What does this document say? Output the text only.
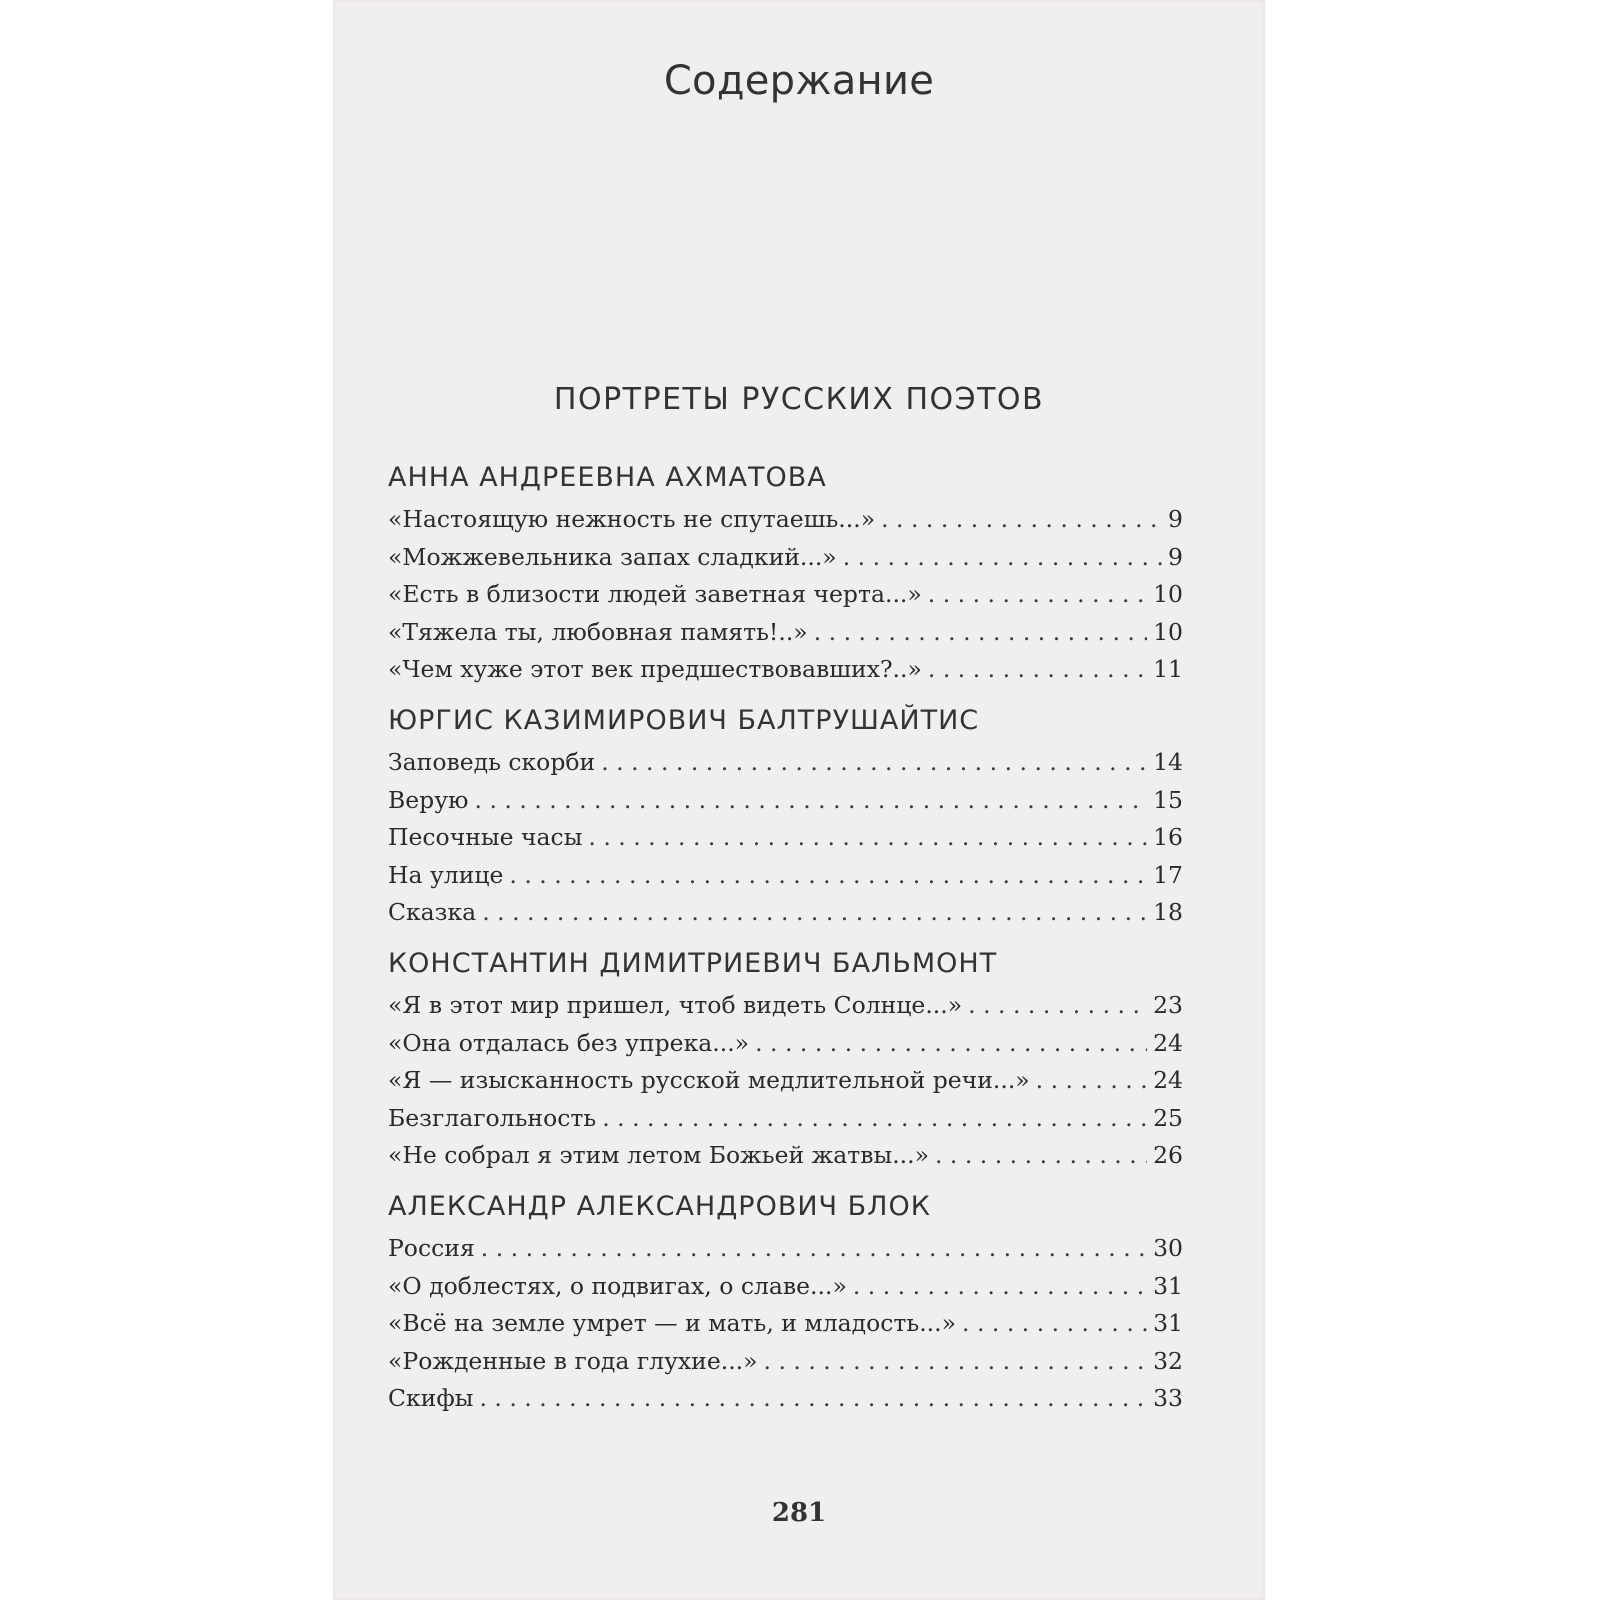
Содержание
ПОРТРЕТЫ РУССКИХ ПОЭТОВ
АННА АНДРЕЕВНА АХМАТОВА
«Настоящую нежность не спутаешь...» . . .	9
«Можжевельника запах сладкий...» . . .	9
«Есть в близости людей заветная черта...» . . .	10
«Тяжела ты, любовная память!..» . . .	10
«Чем хуже этот век предшествовавших?..» . . .	11
ЮРГИС КАЗИМИРОВИЧ БАЛТРУШАЙТИС
Заповедь скорби . . .	14
Верую . . .	15
Песочные часы . . .	16
На улице . . .	17
Сказка . . .	18
КОНСТАНТИН ДИМИТРИЕВИЧ БАЛЬМОНТ
«Я в этот мир пришел, чтоб видеть Солнце...» . . .	23
«Она отдалась без упрека...» . . .	24
«Я — изысканность русской медлительной речи...» . . .	24
Безглагольность . . .	25
«Не собрал я этим летом Божьей жатвы...» . . .	26
АЛЕКСАНДР АЛЕКСАНДРОВИЧ БЛОК
Россия . . .	30
«О доблестях, о подвигах, о славе...» . . .	31
«Всё на земле умрет — и мать, и младость...» . . .	31
«Рожденные в года глухие...» . . .	32
Скифы . . .	33
281
